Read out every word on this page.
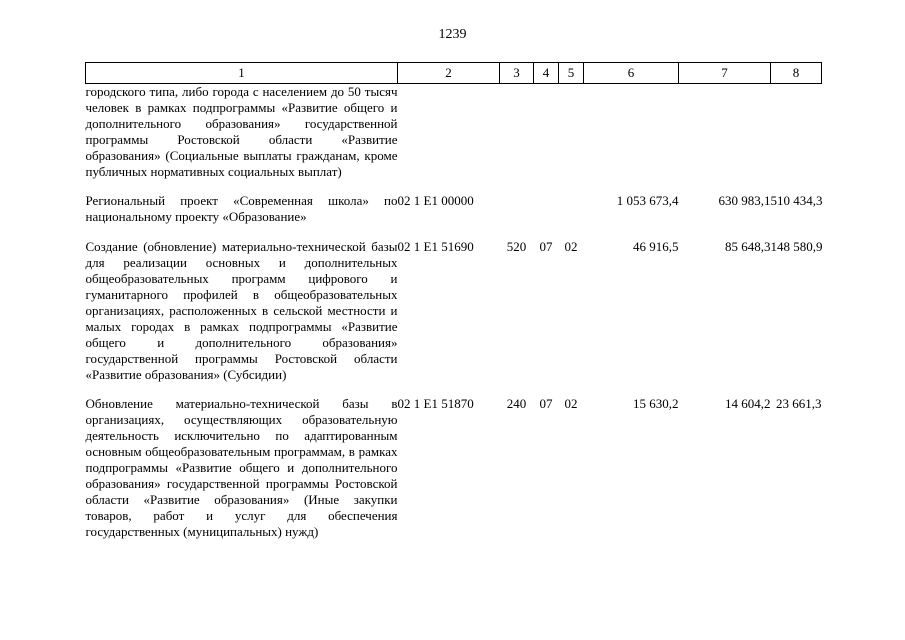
1239
1	2	3	4	5	6	7	8
городского типа, либо города с населением до 50 тысяч человек в рамках подпрограммы «Развитие общего и дополнительного образования» государственной программы Ростовской области «Развитие образования» (Социальные выплаты гражданам, кроме публичных нормативных социальных выплат)							

Региональный проект «Современная школа» по национальному проекту «Образование»	02 1 E1 00000				1 053 673,4	630 983,1	510 434,3

Создание (обновление) материально-технической базы для реализации основных и дополнительных общеобразовательных программ цифрового и гуманитарного профилей в общеобразовательных организациях, расположенных в сельской местности и малых городах в рамках подпрограммы «Развитие общего и дополнительного образования» государственной программы Ростовской области «Развитие образования» (Субсидии)	02 1 E1 51690	520	07	02	46 916,5	85 648,3	148 580,9

Обновление материально-технической базы в организациях, осуществляющих образовательную деятельность исключительно по адаптированным основным общеобразовательным программам, в рамках подпрограммы «Развитие общего и дополнительного образования» государственной программы Ростовской области «Развитие образования» (Иные закупки товаров, работ и услуг для обеспечения государственных (муниципальных) нужд)	02 1 E1 51870	240	07	02	15 630,2	14 604,2	23 661,3
